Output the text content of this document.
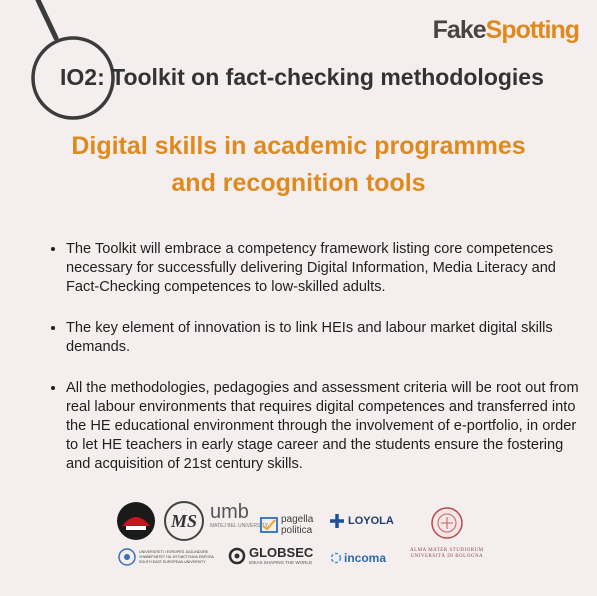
FakeSpotting
IO2: Toolkit on fact-checking methodologies
Digital skills in academic programmes
and recognition tools
• The Toolkit will embrace a competency framework listing core competences necessary for successfully delivering Digital Information, Media Literacy and Fact-Checking competences to low-skilled adults.
• The key element of innovation is to link HEIs and labour market digital skills demands.
• All the methodologies, pedagogies and assessment criteria will be root out from real labour environments that requires digital competences and transferred into the HE educational environment through the involvement of e-portfolio, in order to let HE teachers in early stage career and the students ensure the fostering and acquisition of 21st century skills.
MS umb
MATEJ BEL UNIVERSITY
pagella
politica
LOYOLA
UNIVERSITETI I EVROPËS JUGLINDORE
УНИВЕРЗИТЕТ НА ЈУГОИСТОЧНА ЕВРОПА
SOUTH EAST EUROPEAN UNIVERSITY
GLOBSEC
IDEAS SHAPING THE WORLD	incoma
ALMA MATER STUDIORUM
UNIVERSITÀ DI BOLOGNA
